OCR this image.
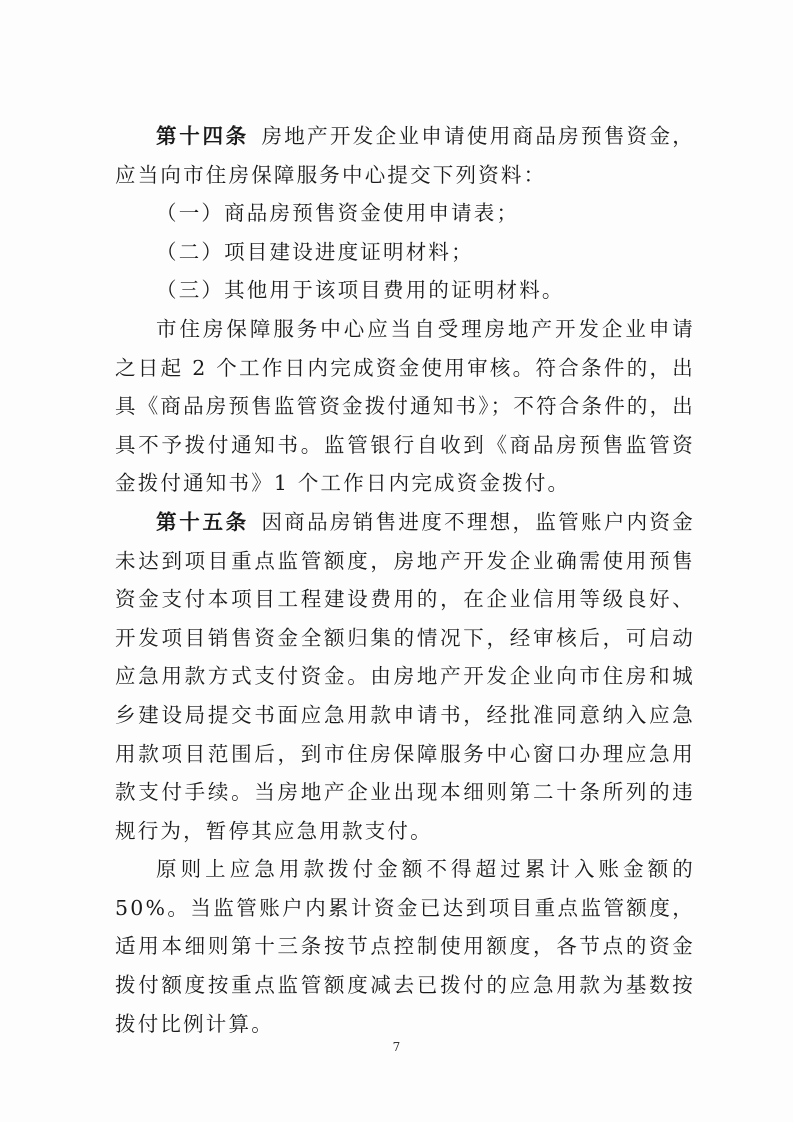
第十四条  房地产开发企业申请使用商品房预售资金，应当向市住房保障服务中心提交下列资料：

（一）商品房预售资金使用申请表；

（二）项目建设进度证明材料；

（三）其他用于该项目费用的证明材料。

市住房保障服务中心应当自受理房地产开发企业申请之日起 2 个工作日内完成资金使用审核。符合条件的，出具《商品房预售监管资金拨付通知书》；不符合条件的，出具不予拨付通知书。监管银行自收到《商品房预售监管资金拨付通知书》1 个工作日内完成资金拨付。

第十五条  因商品房销售进度不理想，监管账户内资金未达到项目重点监管额度，房地产开发企业确需使用预售资金支付本项目工程建设费用的，在企业信用等级良好、开发项目销售资金全额归集的情况下，经审核后，可启动应急用款方式支付资金。由房地产开发企业向市住房和城乡建设局提交书面应急用款申请书，经批准同意纳入应急用款项目范围后，到市住房保障服务中心窗口办理应急用款支付手续。当房地产企业出现本细则第二十条所列的违规行为，暂停其应急用款支付。

原则上应急用款拨付金额不得超过累计入账金额的 50%。当监管账户内累计资金已达到项目重点监管额度，适用本细则第十三条按节点控制使用额度，各节点的资金拨付额度按重点监管额度减去已拨付的应急用款为基数按拨付比例计算。

7
